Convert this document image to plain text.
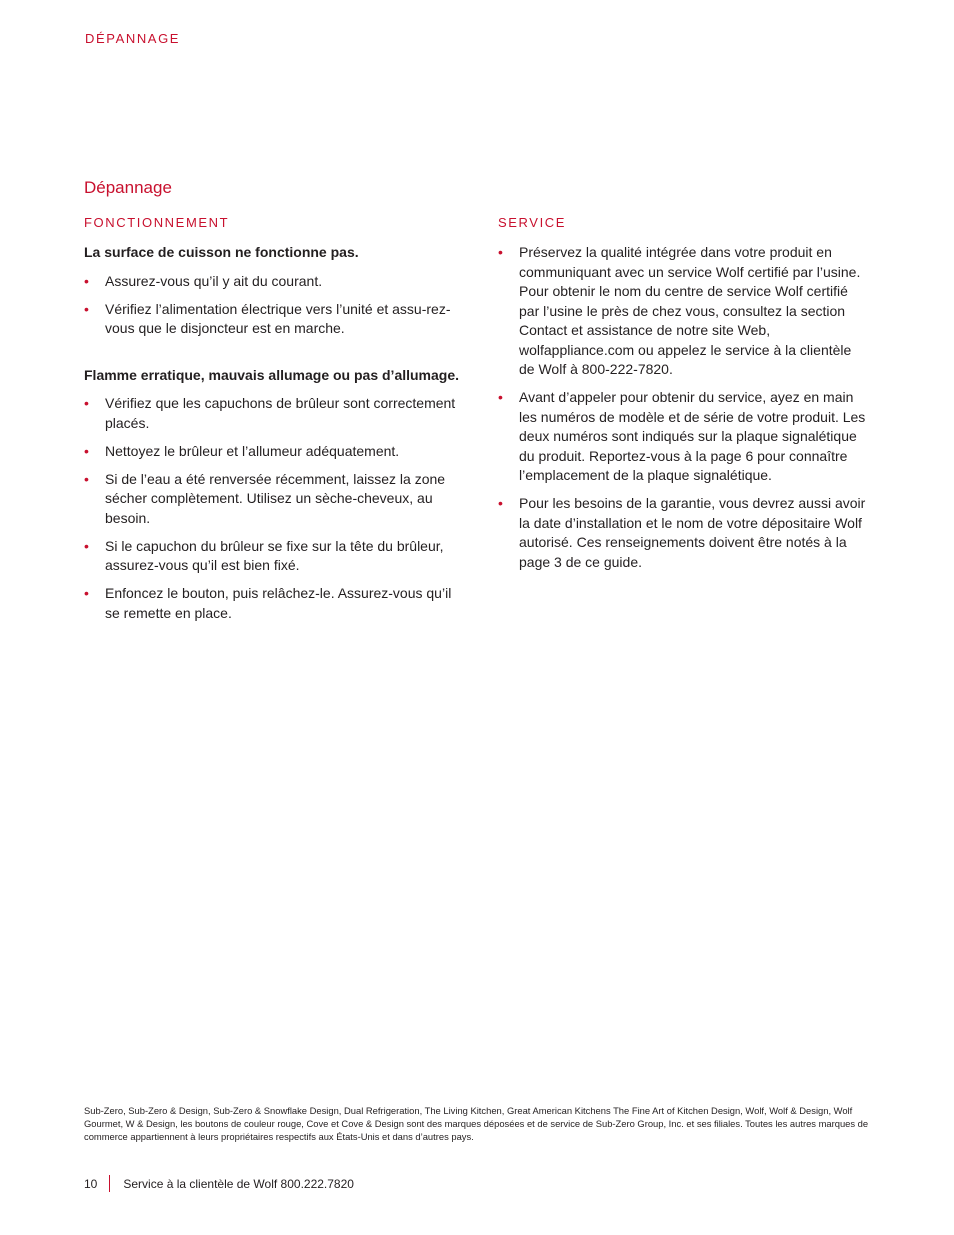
DÉPANNAGE
Dépannage
FONCTIONNEMENT
La surface de cuisson ne fonctionne pas.
• Assurez-vous qu’il y ait du courant.
• Vérifiez l’alimentation électrique vers l’unité et assu-rez-vous que le disjoncteur est en marche.
Flamme erratique, mauvais allumage ou pas d’allumage.
• Vérifiez que les capuchons de brûleur sont correctement placés.
• Nettoyez le brûleur et l’allumeur adéquatement.
• Si de l’eau a été renversée récemment, laissez la zone sécher complètement. Utilisez un sèche-cheveux, au besoin.
• Si le capuchon du brûleur se fixe sur la tête du brûleur, assurez-vous qu’il est bien fixé.
• Enfoncez le bouton, puis relâchez-le. Assurez-vous qu’il se remette en place.
SERVICE
• Préservez la qualité intégrée dans votre produit en communiquant avec un service Wolf certifié par l’usine. Pour obtenir le nom du centre de service Wolf certifié par l’usine le près de chez vous, consultez la section Contact et assistance de notre site Web, wolfappliance.com ou appelez le service à la clientèle de Wolf à 800-222-7820.
• Avant d’appeler pour obtenir du service, ayez en main les numéros de modèle et de série de votre produit. Les deux numéros sont indiqués sur la plaque signalétique du produit. Reportez-vous à la page 6 pour connaître l’emplacement de la plaque signalétique.
• Pour les besoins de la garantie, vous devrez aussi avoir la date d’installation et le nom de votre dépositaire Wolf autorisé. Ces renseignements doivent être notés à la page 3 de ce guide.
Sub-Zero, Sub-Zero & Design, Sub-Zero & Snowflake Design, Dual Refrigeration, The Living Kitchen, Great American Kitchens The Fine Art of Kitchen Design, Wolf, Wolf & Design, Wolf Gourmet, W & Design, les boutons de couleur rouge, Cove et Cove & Design sont des marques déposées et de service de Sub-Zero Group, Inc. et ses filiales. Toutes les autres marques de commerce appartiennent à leurs propriétaires respectifs aux États-Unis et dans d’autres pays.
10 Service à la clientèle de Wolf 800.222.7820
